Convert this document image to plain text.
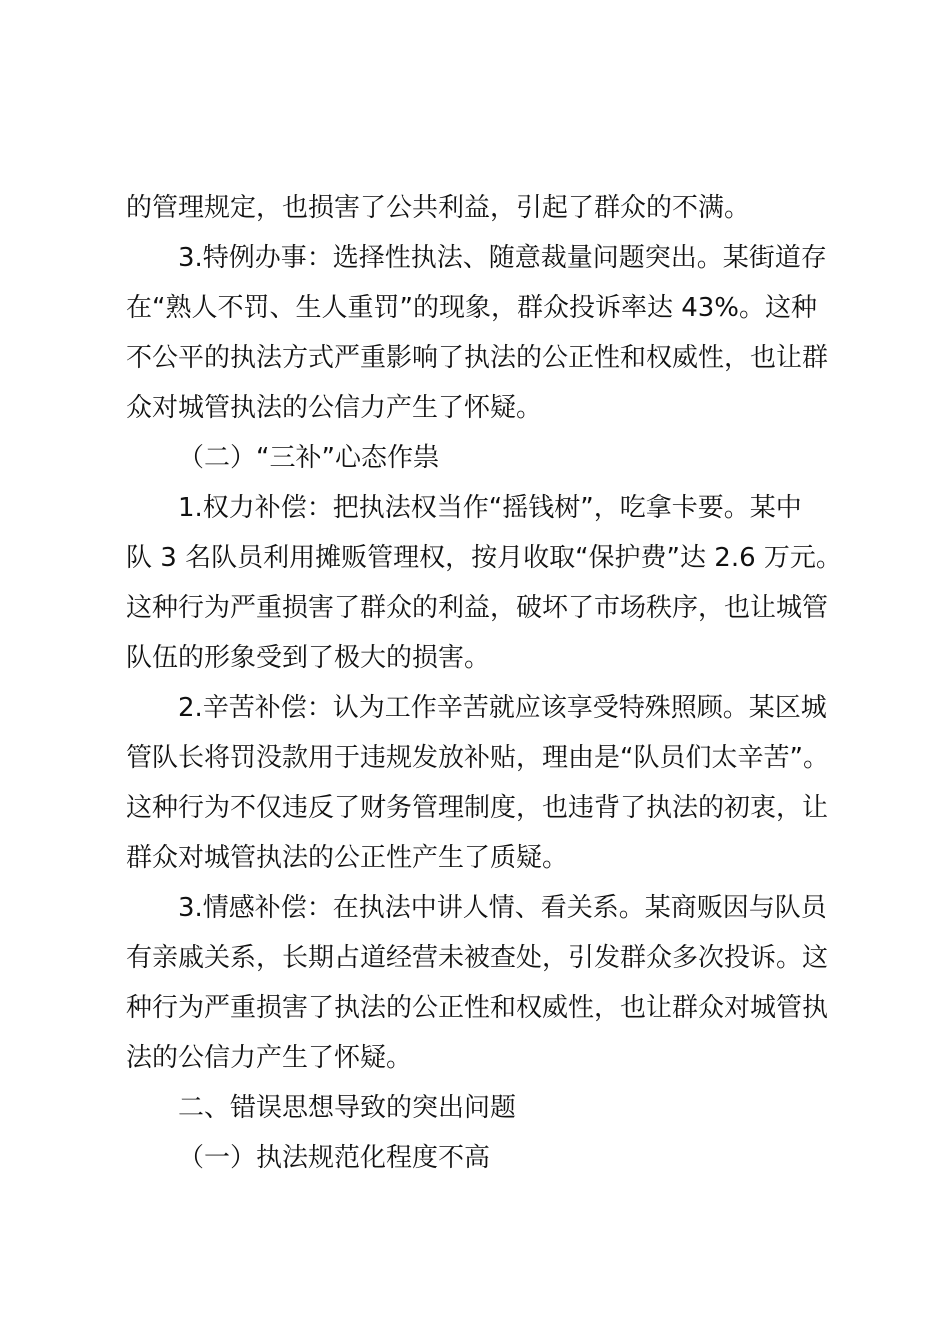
的管理规定，也损害了公共利益，引起了群众的不满。
3.特例办事：选择性执法、随意裁量问题突出。某街道存
在“熟人不罚、生人重罚”的现象，群众投诉率达 43%。这种
不公平的执法方式严重影响了执法的公正性和权威性，也让群
众对城管执法的公信力产生了怀疑。
（二）“三补”心态作祟
1.权力补偿：把执法权当作“摇钱树”，吃拿卡要。某中
队 3 名队员利用摊贩管理权，按月收取“保护费”达 2.6 万元。
这种行为严重损害了群众的利益，破坏了市场秩序，也让城管
队伍的形象受到了极大的损害。
2.辛苦补偿：认为工作辛苦就应该享受特殊照顾。某区城
管队长将罚没款用于违规发放补贴，理由是“队员们太辛苦”。
这种行为不仅违反了财务管理制度，也违背了执法的初衷，让
群众对城管执法的公正性产生了质疑。
3.情感补偿：在执法中讲人情、看关系。某商贩因与队员
有亲戚关系，长期占道经营未被查处，引发群众多次投诉。这
种行为严重损害了执法的公正性和权威性，也让群众对城管执
法的公信力产生了怀疑。
二、错误思想导致的突出问题
（一）执法规范化程度不高
